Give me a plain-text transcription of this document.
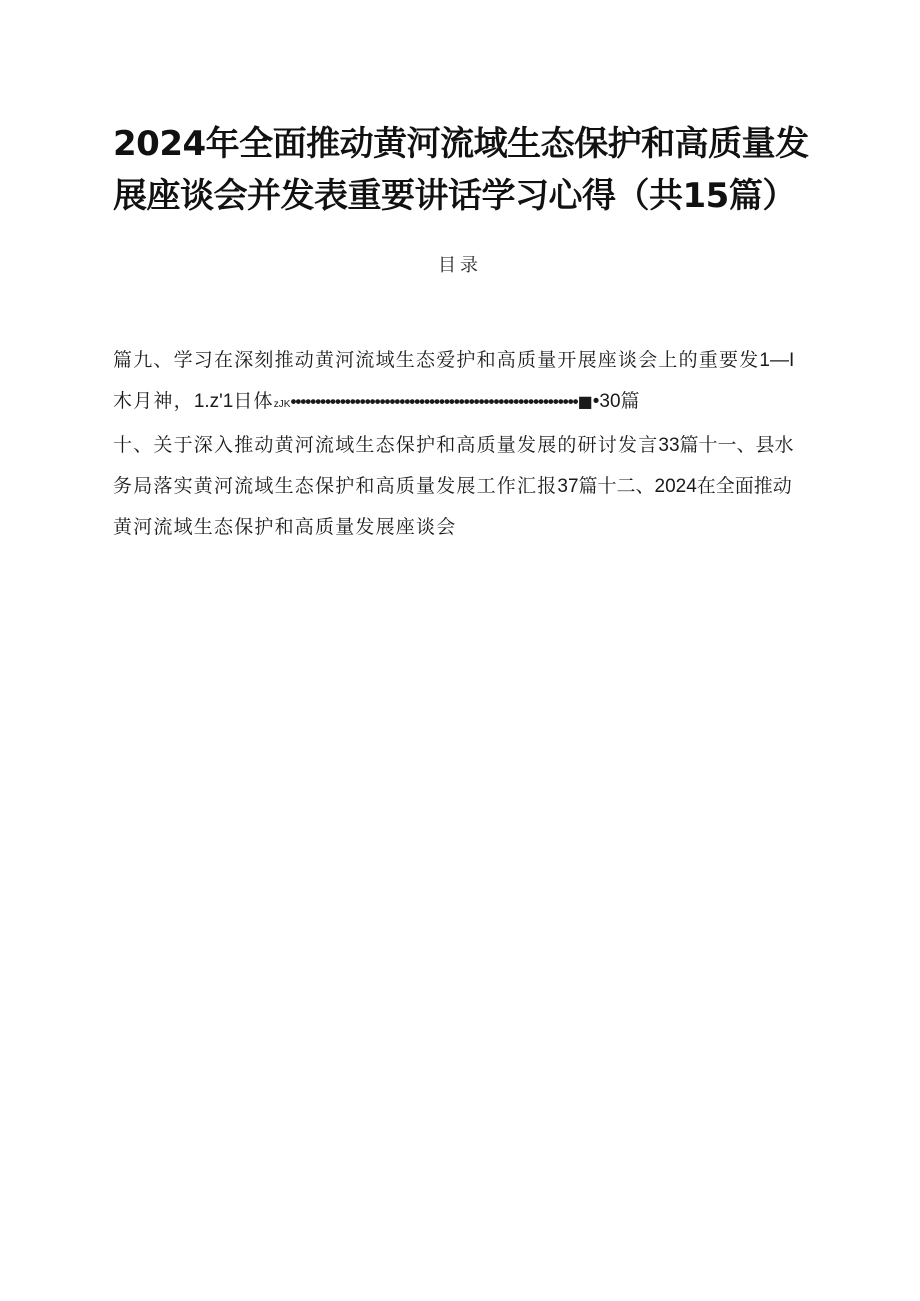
2024年全面推动黄河流域生态保护和高质量发展座谈会并发表重要讲话学习心得（共15篇）
目录
篇九、学习在深刻推动黄河流域生态爱护和高质量开展座谈会上的重要发1—I
木月神，1.z'1日体zJK••••••••••••••••••••••••••••••••••••••••••••••••••••••••••■•30篇
十、关于深入推动黄河流域生态保护和高质量发展的研讨发言33篇十一、县水
务局落实黄河流域生态保护和高质量发展工作汇报37篇十二、2024在全面推动
黄河流域生态保护和高质量发展座谈会
